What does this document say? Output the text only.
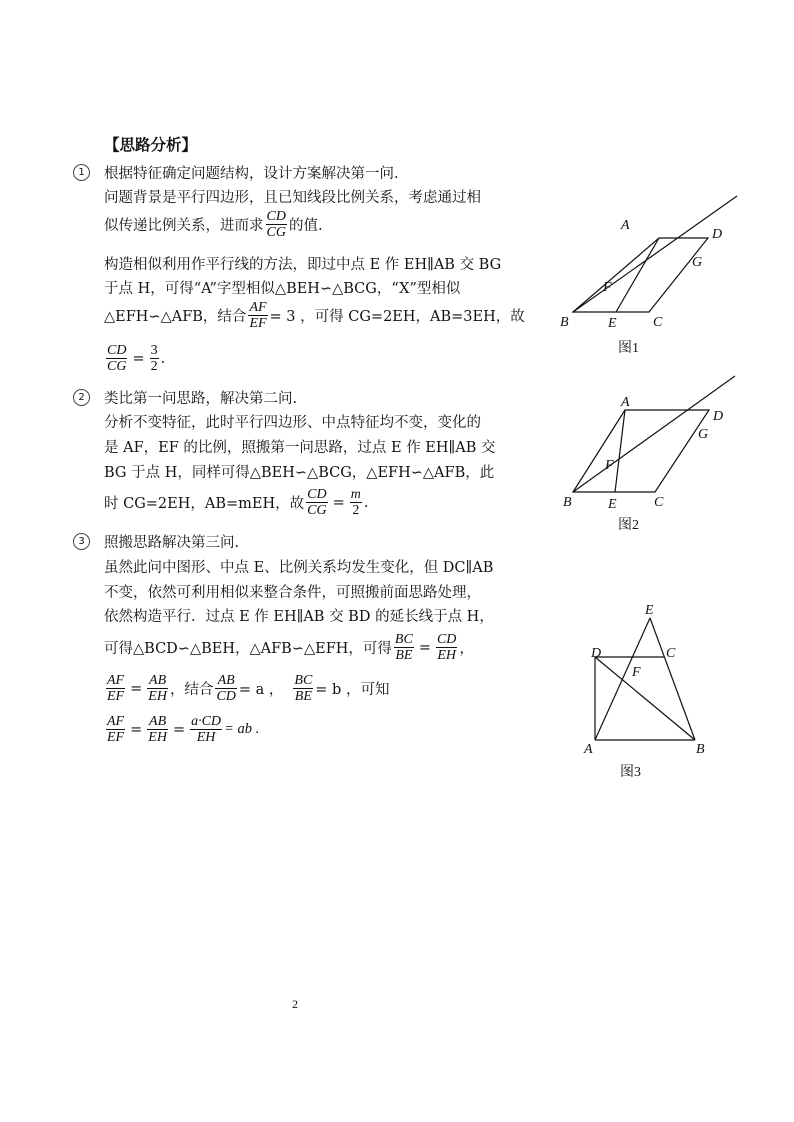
【思路分析】
1	根据特征确定问题结构，设计方案解决第一问.
问题背景是平行四边形，且已知线段比例关系，考虑通过相
似传递比例关系，进而求 $\frac{CD}{CG}$ 的值.
构造相似利用作平行线的方法，即过中点 E 作 EH∥AB 交 BG
于点 H，可得“A”字型相似△BEH∽△BCG，“X”型相似
△EFH∽△AFB，结合 $\frac{AF}{EF} = 3$ ，可得 CG=2EH，AB=3EH，故
$\frac{CD}{CG} = \frac{3}{2}$ .
2	类比第一问思路，解决第二问.
分析不变特征，此时平行四边形、中点特征均不变，变化的
是 AF，EF 的比例，照搬第一问思路，过点 E 作 EH∥AB 交
BG 于点 H，同样可得△BEH∽△BCG，△EFH∽△AFB，此
时 CG=2EH，AB=mEH，故 $\frac{CD}{CG} = \frac{m}{2}$ .
3	照搬思路解决第三问.
虽然此问中图形、中点 E、比例关系均发生变化，但 DC∥AB
不变，依然可利用相似来整合条件，可照搬前面思路处理，
依然构造平行．过点 E 作 EH∥AB 交 BD 的延长线于点 H，
可得△BCD∽△BEH，△AFB∽△EFH，可得 $\frac{BC}{BE} = \frac{CD}{EH}$ ，
$\frac{AF}{EF} = \frac{AB}{EH}$ ，结合 $\frac{AB}{CD} = a$ ， $\frac{BC}{BE} = b$ ，可知
$\frac{AF}{EF} = \frac{AB}{EH} = \frac{a\cdot CD}{EH}$ = ab .
A
B	C
D
E
F
G
图1
A
B	C
D
E
F
G
图2
E
D	C
F
A	B
图3
2
